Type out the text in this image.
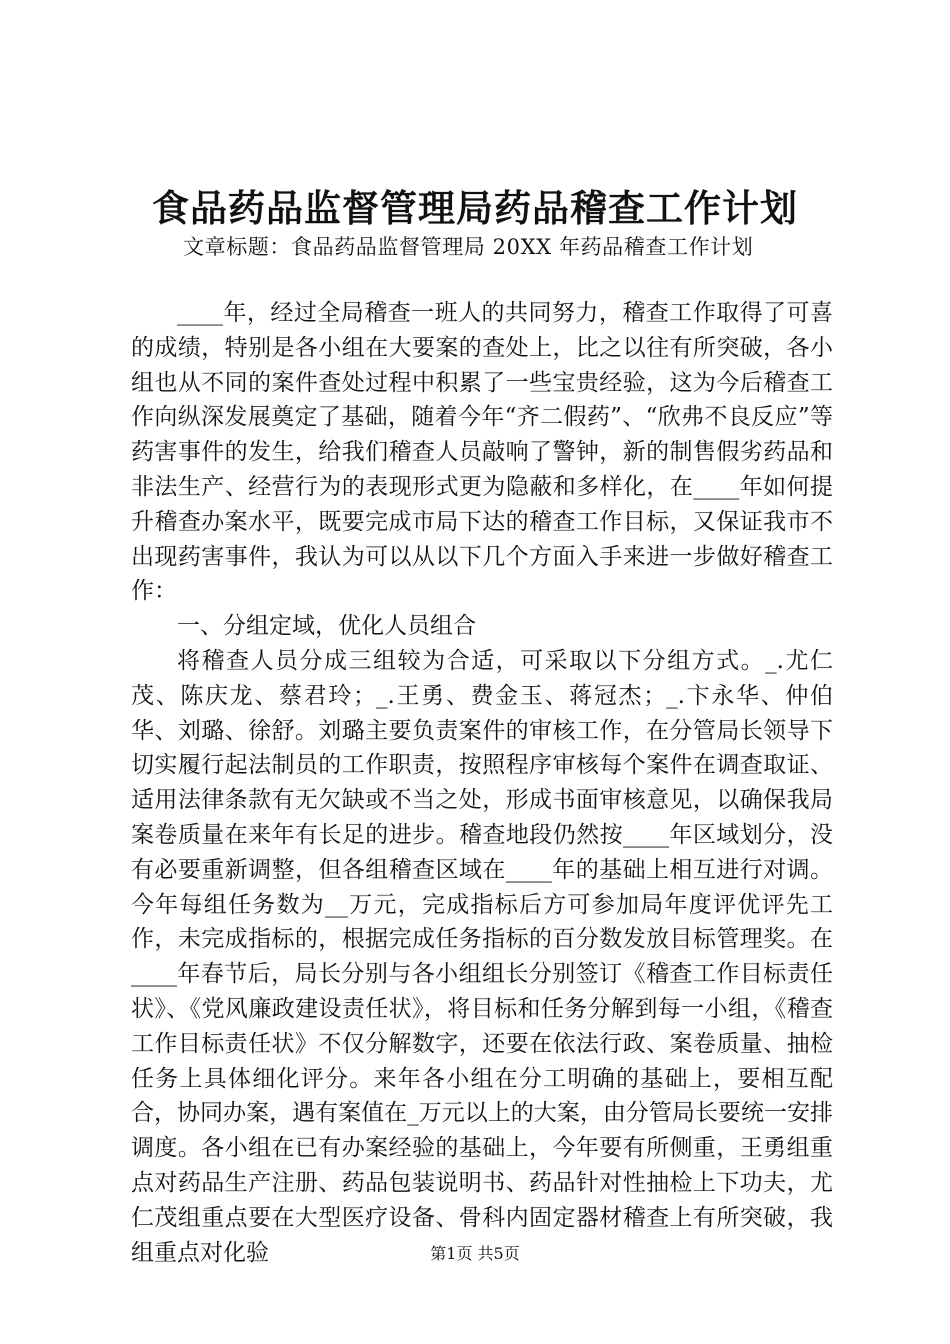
食品药品监督管理局药品稽查工作计划
文章标题：食品药品监督管理局 20XX 年药品稽查工作计划

____年，经过全局稽查一班人的共同努力，稽查工作取得了可喜的成绩，特别是各小组在大要案的查处上，比之以往有所突破，各小组也从不同的案件查处过程中积累了一些宝贵经验，这为今后稽查工作向纵深发展奠定了基础，随着今年“齐二假药”、“欣弗不良反应”等药害事件的发生，给我们稽查人员敲响了警钟，新的制售假劣药品和非法生产、经营行为的表现形式更为隐蔽和多样化，在____年如何提升稽查办案水平，既要完成市局下达的稽查工作目标，又保证我市不出现药害事件，我认为可以从以下几个方面入手来进一步做好稽查工作：

一、分组定域，优化人员组合

将稽查人员分成三组较为合适，可采取以下分组方式。_.尤仁茂、陈庆龙、蔡君玲；_.王勇、费金玉、蒋冠杰；_.卞永华、仲伯华、刘璐、徐舒。刘璐主要负责案件的审核工作，在分管局长领导下切实履行起法制员的工作职责，按照程序审核每个案件在调查取证、适用法律条款有无欠缺或不当之处，形成书面审核意见，以确保我局案卷质量在来年有长足的进步。稽查地段仍然按____年区域划分，没有必要重新调整，但各组稽查区域在____年的基础上相互进行对调。今年每组任务数为__万元，完成指标后方可参加局年度评优评先工作，未完成指标的，根据完成任务指标的百分数发放目标管理奖。在____年春节后，局长分别与各小组组长分别签订《稽查工作目标责任状》、《党风廉政建设责任状》，将目标和任务分解到每一小组，《稽查工作目标责任状》不仅分解数字，还要在依法行政、案卷质量、抽检任务上具体细化评分。来年各小组在分工明确的基础上，要相互配合，协同办案，遇有案值在_万元以上的大案，由分管局长要统一安排调度。各小组在已有办案经验的基础上，今年要有所侧重，王勇组重点对药品生产注册、药品包装说明书、药品针对性抽检上下功夫，尤仁茂组重点要在大型医疗设备、骨科内固定器材稽查上有所突破，我组重点对化验	第1页 共5页
